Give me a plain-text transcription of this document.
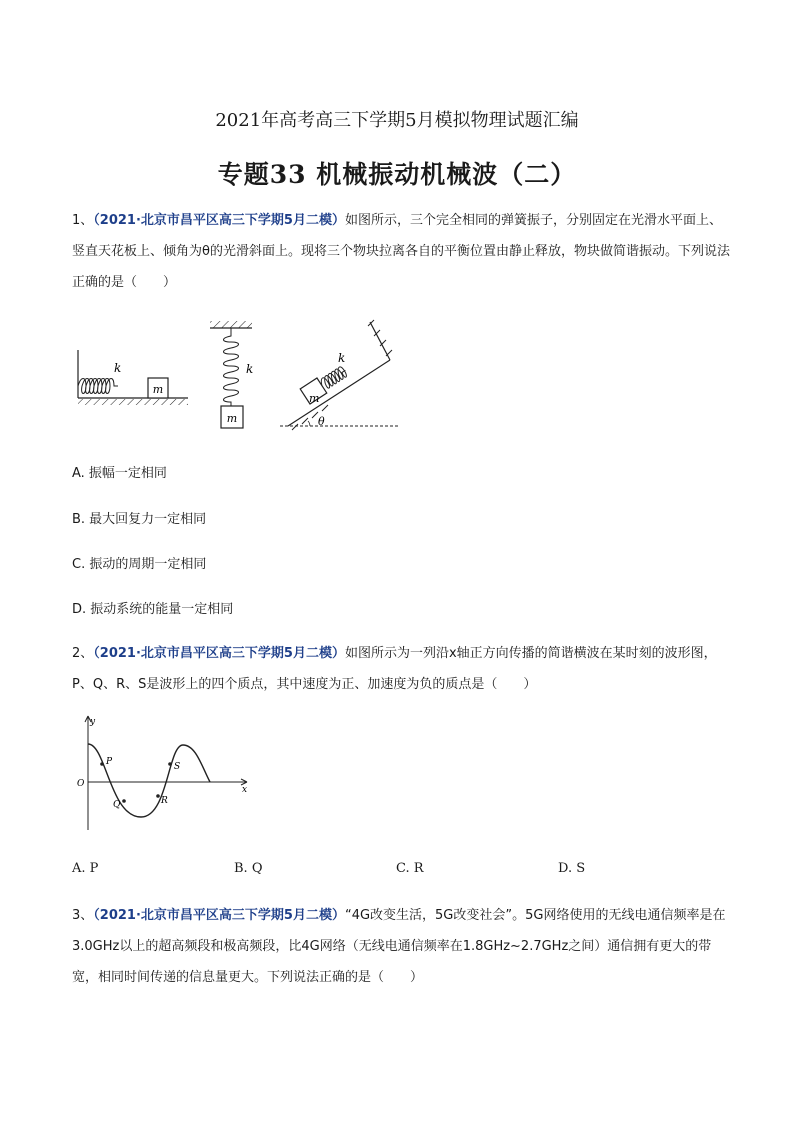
2021年高考高三下学期5月模拟物理试题汇编
专题33 机械振动机械波（二）
1、（2021·北京市昌平区高三下学期5月二模）如图所示，三个完全相同的弹簧振子，分别固定在光滑水平面上、竖直天花板上、倾角为θ的光滑斜面上。现将三个物块拉离各自的平衡位置由静止释放，物块做简谐振动。下列说法正确的是（　　）
m
k
m
k
m
k
θ
A. 振幅一定相同
B. 最大回复力一定相同
C. 振动的周期一定相同
D. 振动系统的能量一定相同
2、（2021·北京市昌平区高三下学期5月二模）如图所示为一列沿x轴正方向传播的简谐横波在某时刻的波形图，P、Q、R、S是波形上的四个质点，其中速度为正、加速度为负的质点是（　　）
y
x
O
P
Q	R
S
A. P	B. Q	C. R	D. S
3、（2021·北京市昌平区高三下学期5月二模）“4G改变生活，5G改变社会”。5G网络使用的无线电通信频率是在3.0GHz以上的超高频段和极高频段，比4G网络（无线电通信频率在1.8GHz~2.7GHz之间）通信拥有更大的带宽，相同时间传递的信息量更大。下列说法正确的是（　　）
